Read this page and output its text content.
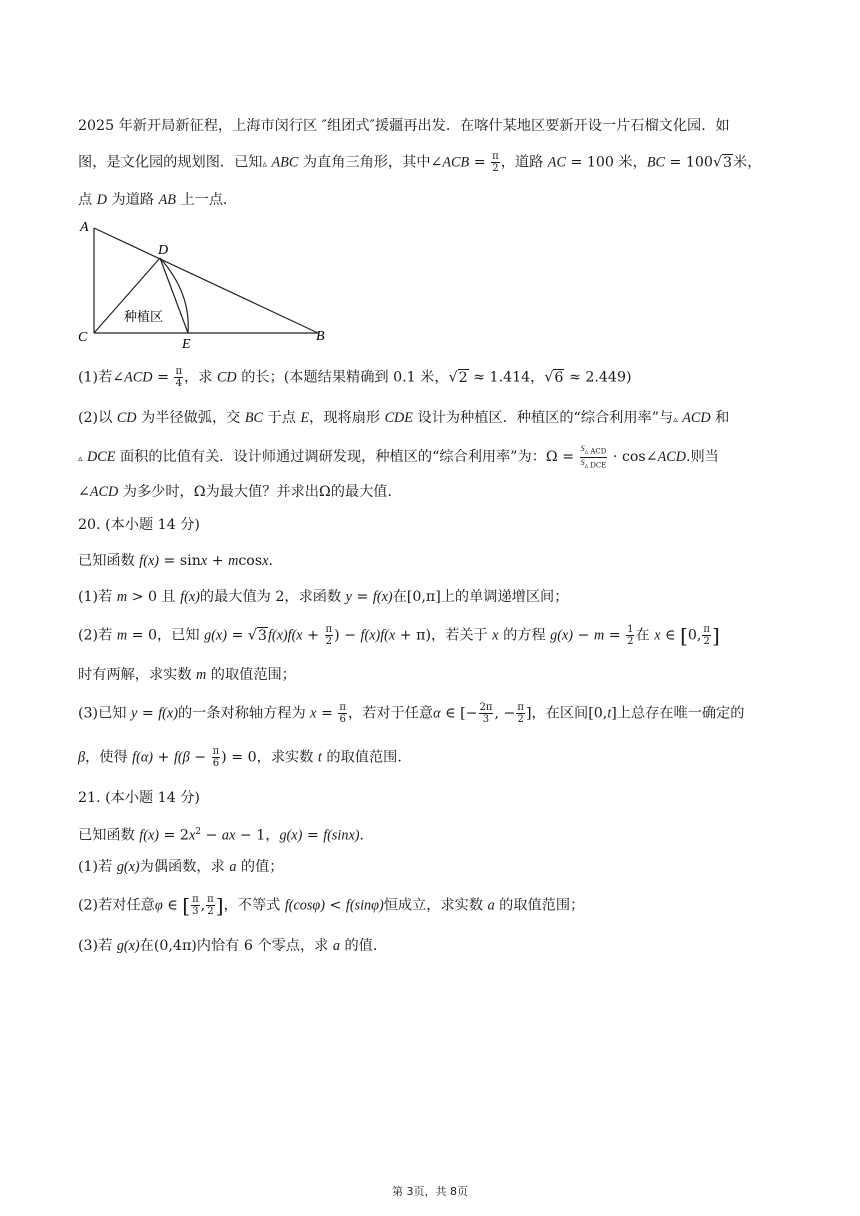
2025 年新开局新征程，上海市闵行区 ″组团式″援疆再出发．在喀什某地区要新开设一片石榴文化园．如
图，是文化园的规划图．已知▵ ABC 为直角三角形，其中∠ACB = $\frac{\pi}{2}$ ，道路 AC = 100 米，BC = 100√3米，
点 D 为道路 AB 上一点．
A
B
C
D
E
种植区
(1)若∠ACD = $\frac{\pi}{4}$ ，求 CD 的长；(本题结果精确到 0.1 米，√2 ≈ 1.414，√6 ≈ 2.449)
(2)以 CD 为半径做弧，交 BC 于点 E，现将扇形 CDE 设计为种植区．种植区的“综合利用率”与▵ ACD 和
▵ DCE 面积的比值有关．设计师通过调研发现，种植区的“综合利用率”为：$\Omega = \frac{S_{▵ ACD}}{S_{▵ DCE}}$ · cos∠ACD.则当
∠ACD 为多少时，Ω为最大值？并求出Ω的最大值．
20. (本小题 14 分)
已知函数 f(x) = sinx + mcosx．
(1)若 m > 0 且 f(x)的最大值为 2，求函数 y = f(x)在[0,π]上的单调递增区间；
(2)若 m = 0，已知 $g(x) = √3f(x)f(x + \frac{\pi}{2}$ ) − f(x)f(x + π)，若关于 x 的方程 $g(x) - m = \frac{1}{2}$ 在 x ∈ [0, $\frac{\pi}{2}$ ]
时有两解，求实数 m 的取值范围；
(3)已知 y = f(x)的一条对称轴方程为 $x = \frac{\pi}{6}$ ，若对于任意α ∈ [− $\frac{2\pi}{3}$ , − $\frac{\pi}{2}$ ]，在区间[0,t]上总存在唯一确定的
β，使得 $f(\alpha) + f(\beta - \frac{\pi}{6}$ ) = 0，求实数 t 的取值范围．
21. (本小题 14 分)
已知函数 $f(x) = 2x^2$ − ax − 1，g(x) = f(sinx)．
(1)若 g(x)为偶函数，求 a 的值；
(2)若对任意φ ∈ [ $\frac{\pi}{3}$ , $\frac{\pi}{2}$ ]，不等式 f(cosφ) < f(sinφ)恒成立，求实数 a 的取值范围；
(3)若 g(x)在(0,4π)内恰有 6 个零点，求 a 的值．
第 3页，共 8页
